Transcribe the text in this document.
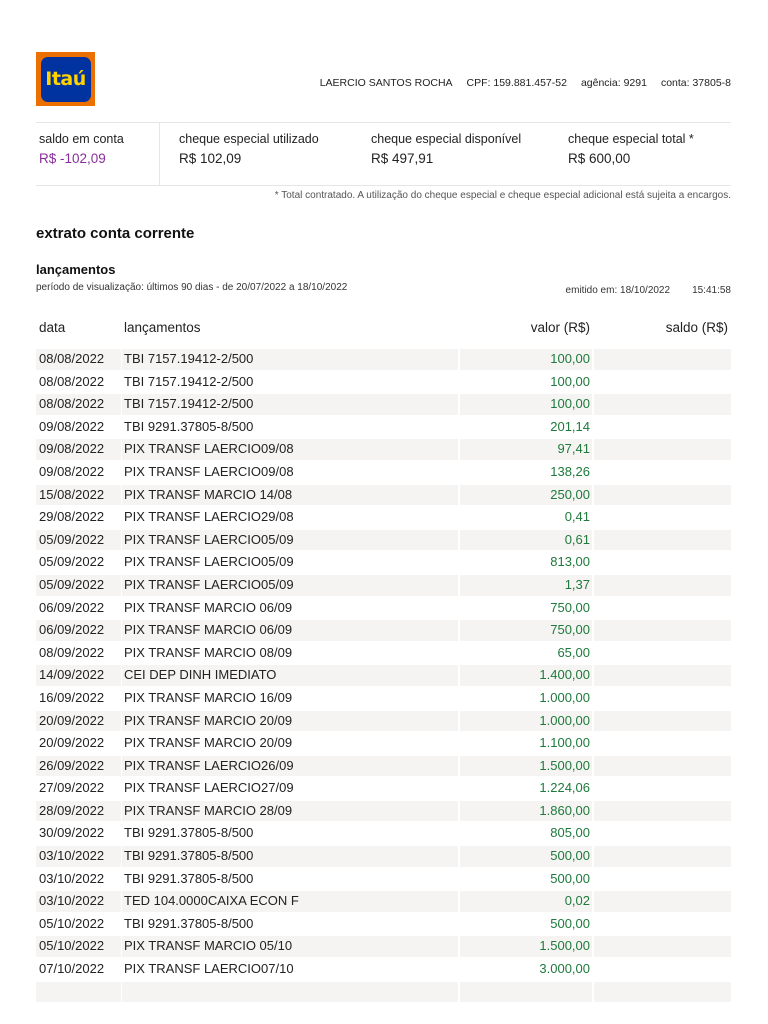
Itaú	LAERCIO SANTOS ROCHA CPF: 159.881.457-52 agência: 9291 conta: 37805-8
saldo em conta
R$ -102,09
cheque especial utilizado
R$ 102,09
cheque especial disponível
R$ 497,91
cheque especial total *
R$ 600,00
* Total contratado. A utilização do cheque especial e cheque especial adicional está sujeita a encargos.
extrato conta corrente
lançamentos
período de visualização: últimos 90 dias - de 20/07/2022 a 18/10/2022	emitido em: 18/10/2022 15:41:58
data	lançamentos	valor (R$)	saldo (R$)
08/08/2022 TBI 7157.19412-2/500	100,00
08/08/2022 TBI 7157.19412-2/500	100,00
08/08/2022 TBI 7157.19412-2/500	100,00
09/08/2022 TBI 9291.37805-8/500	201,14
09/08/2022 PIX TRANSF LAERCIO09/08	97,41
09/08/2022 PIX TRANSF LAERCIO09/08	138,26
15/08/2022 PIX TRANSF MARCIO 14/08	250,00
29/08/2022 PIX TRANSF LAERCIO29/08	0,41
05/09/2022 PIX TRANSF LAERCIO05/09	0,61
05/09/2022 PIX TRANSF LAERCIO05/09	813,00
05/09/2022 PIX TRANSF LAERCIO05/09	1,37
06/09/2022 PIX TRANSF MARCIO 06/09	750,00
06/09/2022 PIX TRANSF MARCIO 06/09	750,00
08/09/2022 PIX TRANSF MARCIO 08/09	65,00
14/09/2022 CEI DEP DINH IMEDIATO	1.400,00
16/09/2022 PIX TRANSF MARCIO 16/09	1.000,00
20/09/2022 PIX TRANSF MARCIO 20/09	1.000,00
20/09/2022 PIX TRANSF MARCIO 20/09	1.100,00
26/09/2022 PIX TRANSF LAERCIO26/09	1.500,00
27/09/2022 PIX TRANSF LAERCIO27/09	1.224,06
28/09/2022 PIX TRANSF MARCIO 28/09	1.860,00
30/09/2022 TBI 9291.37805-8/500	805,00
03/10/2022 TBI 9291.37805-8/500	500,00
03/10/2022 TBI 9291.37805-8/500	500,00
03/10/2022 TED 104.0000CAIXA ECON F	0,02
05/10/2022 TBI 9291.37805-8/500	500,00
05/10/2022 PIX TRANSF MARCIO 05/10	1.500,00
07/10/2022 PIX TRANSF LAERCIO07/10	3.000,00
